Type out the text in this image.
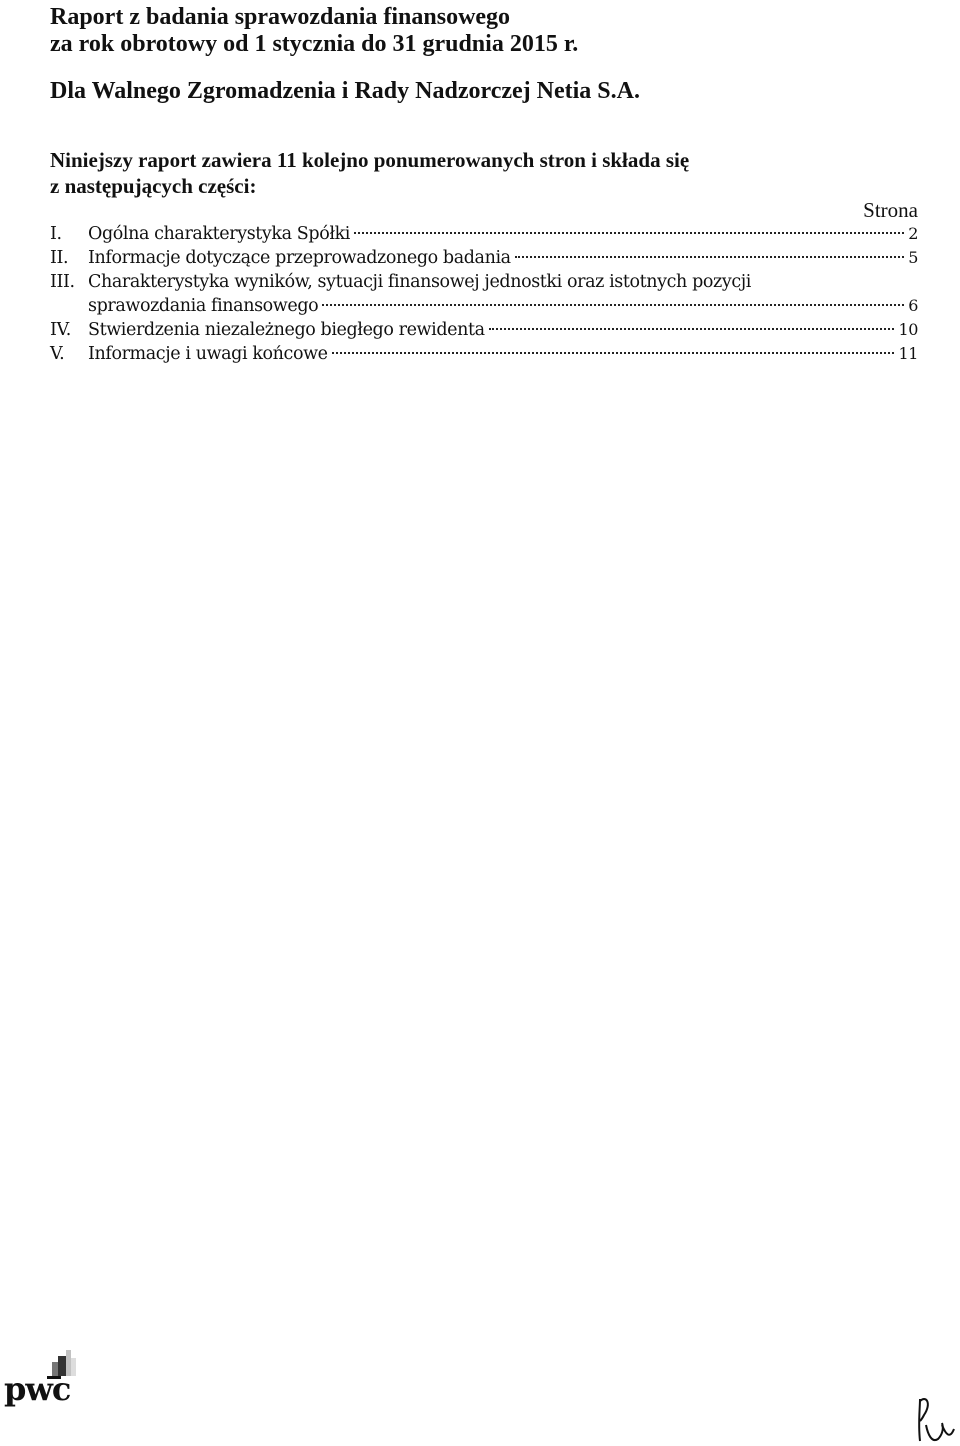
Raport z badania sprawozdania finansowego
za rok obrotowy od 1 stycznia do 31 grudnia 2015 r.
Dla Walnego Zgromadzenia i Rady Nadzorczej Netia S.A.
Niniejszy raport zawiera 11 kolejno ponumerowanych stron i składa się
z następujących części:
Strona
I.	Ogólna charakterystyka Spółki	2
II.	Informacje dotyczące przeprowadzonego badania	5
III. Charakterystyka wyników, sytuacji finansowej jednostki oraz istotnych pozycji
sprawozdania finansowego	6
IV. Stwierdzenia niezależnego biegłego rewidenta	10
V.	Informacje i uwagi końcowe	11
pwc
